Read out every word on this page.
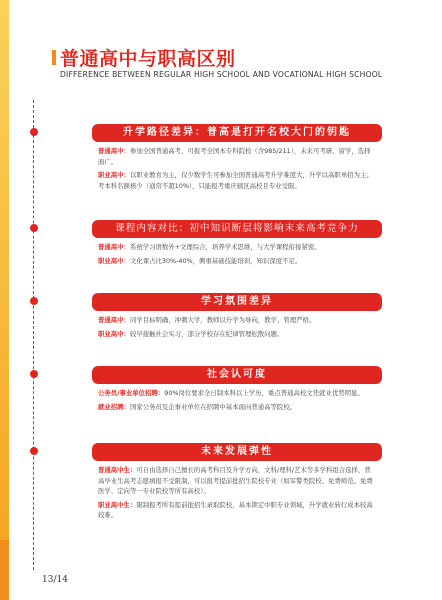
普通高中与职高区别
DIFFERENCE BETWEEN REGULAR HIGH SCHOOL AND VOCATIONAL HIGH SCHOOL
升学路径差异：普高是打开名校大门的钥匙

普通高中：参加全国普通高考，可报考全国本专科院校（含985/211），未来可考研、留学，选择面广。

职业高中：以职业教育为主，仅少数学生可参加全国普通高考升学难度大，升学以高职单招为主；考本科名额极少（通常不超10%），只能报考重庆辖区高校且专业受限。

课程内容对比：初中知识断层将影响未来高考竞争力

普通高中：系统学习语数外+文理综合，培养学术思维，与大学课程衔接紧密。

职业高中：文化课占比30%-40%，侧重基础技能培训，知识深度不足。

学习氛围差异

普通高中：同学目标明确，冲刺大学，教师以升学为导向，教学、管理严格。

职业高中：较早接触社会实习，部分学校存在纪律管理松散问题。

社会认可度

公务员/事业单位招聘：90%岗位要求全日制本科以上学历，重点普通高校文凭就业优势明显。

就业招聘：国家公务员及企事业单位在招聘中基本面向普通高等院校。

未来发展弹性

普通高中生：可自由选择自己擅长的高考科目及升学方向，文科/理科/艺术等多学科组合选择，普高毕业生高考志愿填报不受限制，可以报考提前批招生院校专业（如军警类院校、免费师范、免费医学、定向等一专业院校等所有高校）。

职业高中生：限制报考所有提前批招生录取院校，基本锁定中职专业领域，升学就业转行成本较高较难。

13/14
